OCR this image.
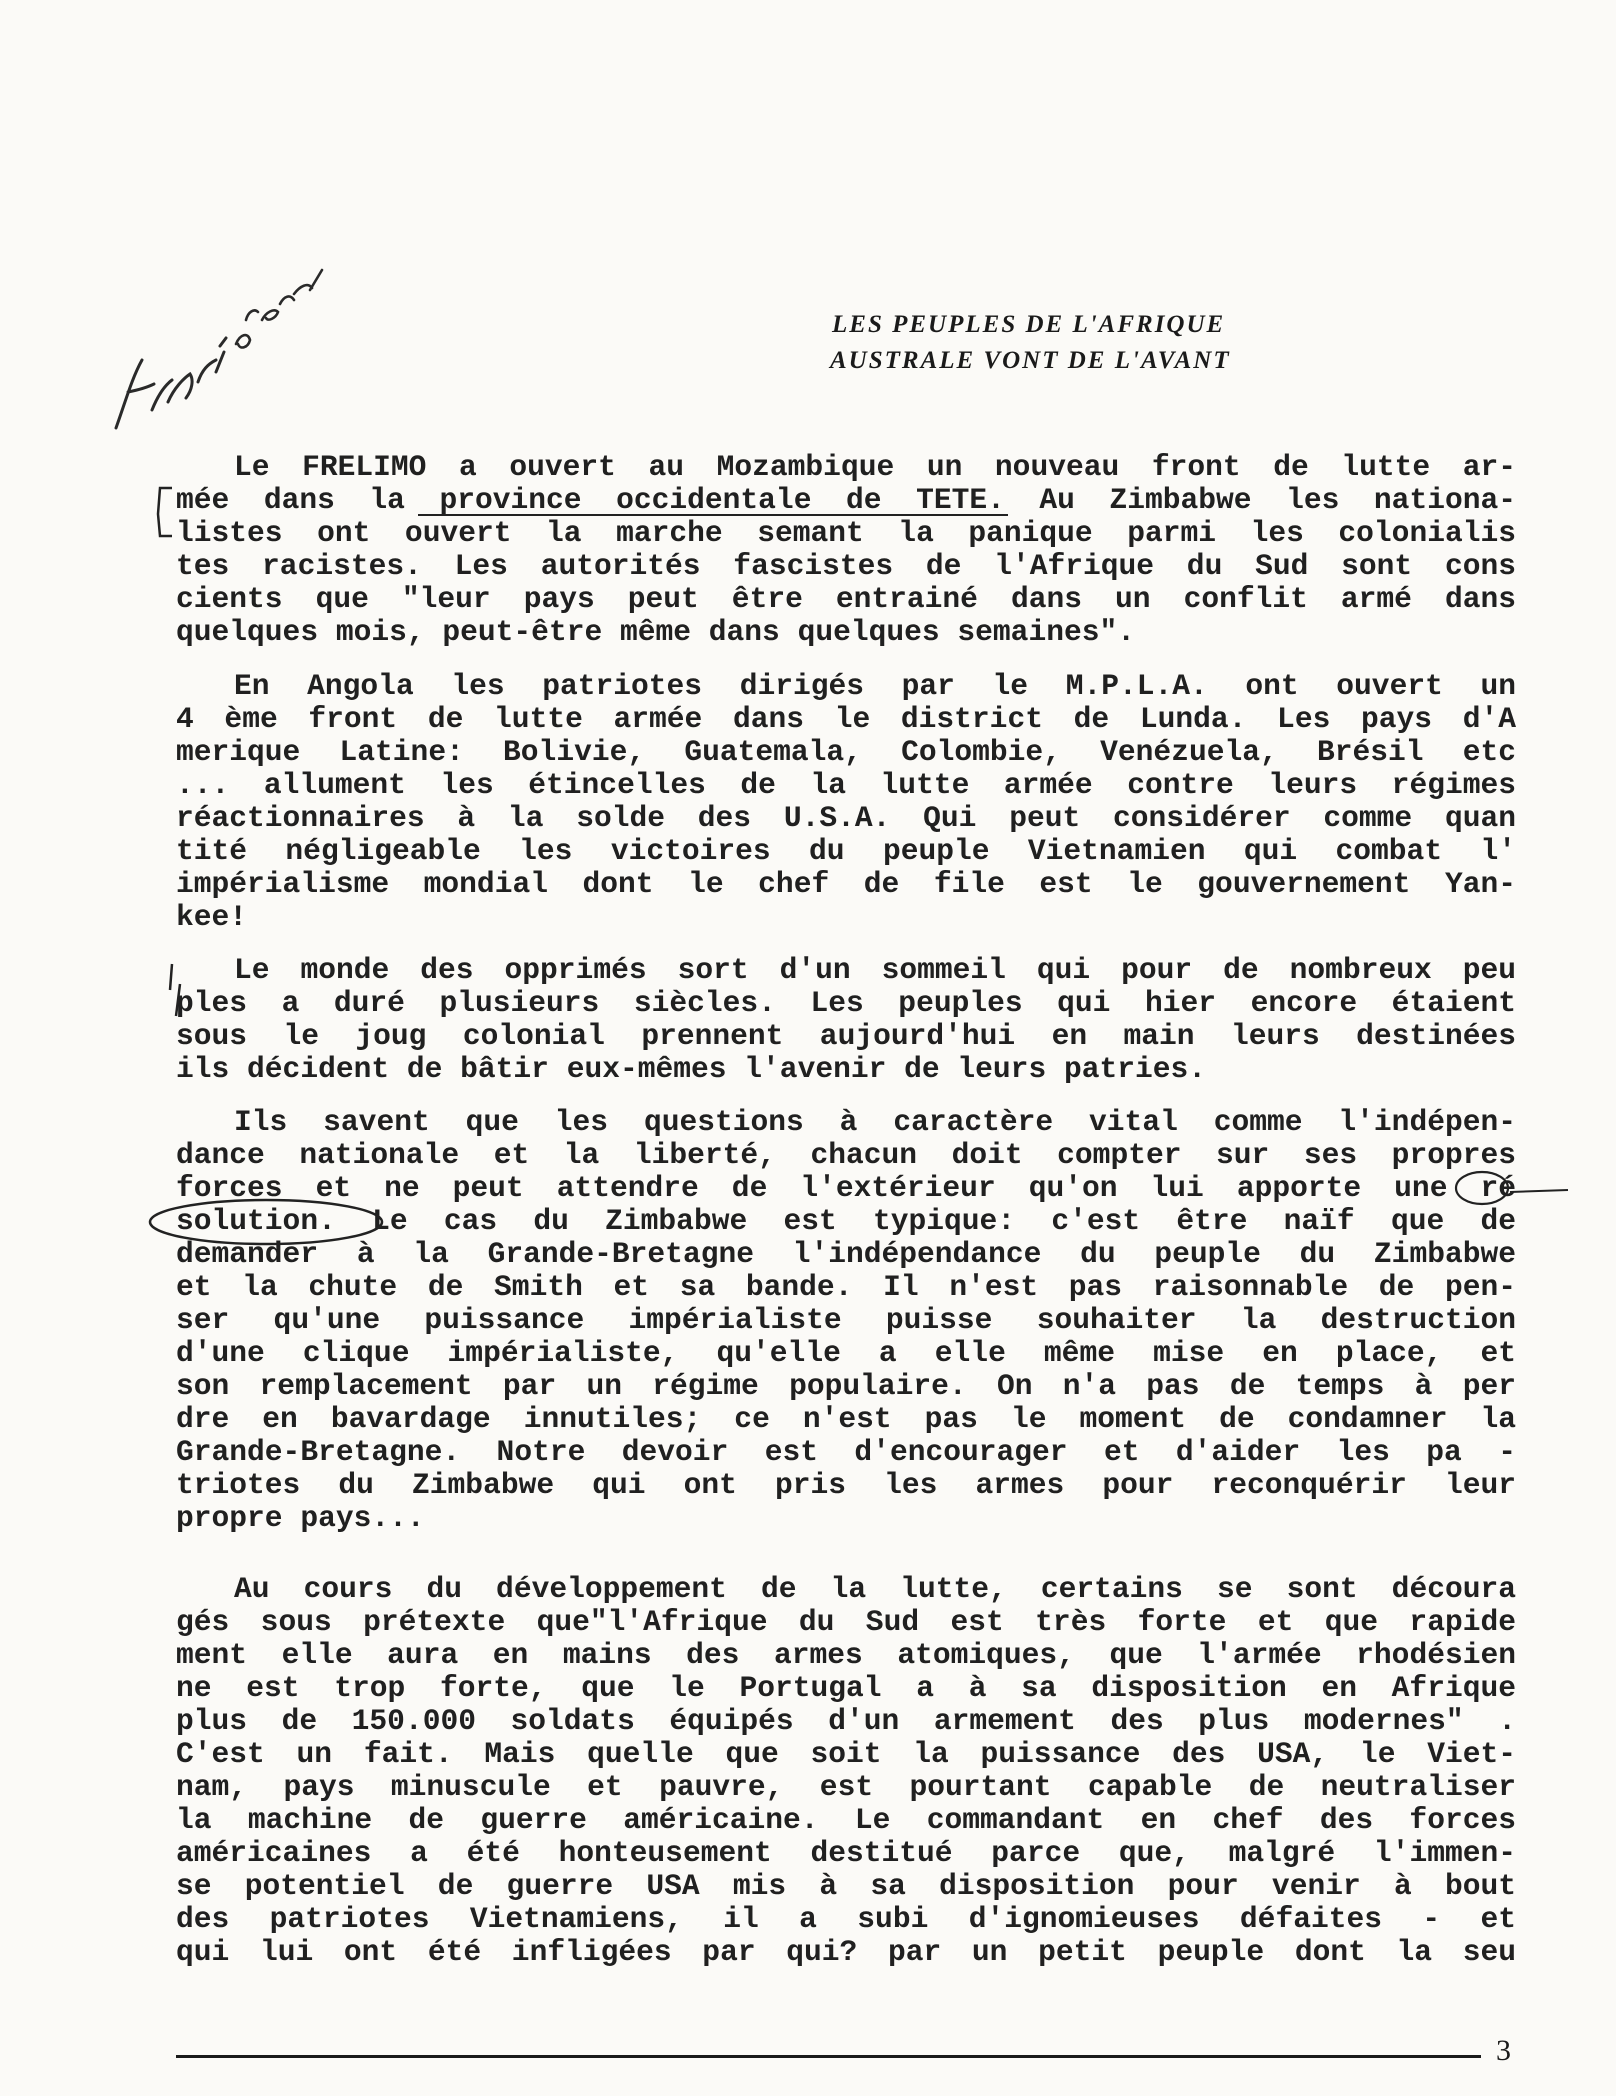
LES PEUPLES DE L'AFRIQUE
AUSTRALE VONT DE L'AVANT
Le FRELIMO a ouvert au Mozambique un nouveau front de lutte ar-
mée dans la province occidentale de TETE. Au Zimbabwe les nationa-
listes ont ouvert la marche semant la panique parmi les colonialis
tes racistes. Les autorités fascistes de l'Afrique du Sud sont cons
cients que "leur pays peut être entrainé dans un conflit armé dans
quelques mois, peut-être même dans quelques semaines".
En Angola les patriotes dirigés par le M.P.L.A. ont ouvert un
4 ème front de lutte armée dans le district de Lunda. Les pays d'A
merique Latine: Bolivie, Guatemala, Colombie, Venézuela, Brésil etc
... allument les étincelles de la lutte armée contre leurs régimes
réactionnaires à la solde des U.S.A. Qui peut considérer comme quan
tité négligeable les victoires du peuple Vietnamien qui combat l'
impérialisme mondial dont le chef de file est le gouvernement Yan-
kee!
Le monde des opprimés sort d'un sommeil qui pour de nombreux peu
ples a duré plusieurs siècles. Les peuples qui hier encore étaient
sous le joug colonial prennent aujourd'hui en main leurs destinées
ils décident de bâtir eux-mêmes l'avenir de leurs patries.
Ils savent que les questions à caractère vital comme l'indépen-
dance nationale et la liberté, chacun doit compter sur ses propres
forces et ne peut attendre de l'extérieur qu'on lui apporte une ré
solution. Le cas du Zimbabwe est typique: c'est être naïf que de
demander à la Grande-Bretagne l'indépendance du peuple du Zimbabwe
et la chute de Smith et sa bande. Il n'est pas raisonnable de pen-
ser qu'une puissance impérialiste puisse souhaiter la destruction
d'une clique impérialiste, qu'elle a elle même mise en place, et
son remplacement par un régime populaire. On n'a pas de temps à per
dre en bavardage innutiles; ce n'est pas le moment de condamner la
Grande-Bretagne. Notre devoir est d'encourager et d'aider les pa -
triotes du Zimbabwe qui ont pris les armes pour reconquérir leur
propre pays...
Au cours du développement de la lutte, certains se sont découra
gés sous prétexte que"l'Afrique du Sud est très forte et que rapide
ment elle aura en mains des armes atomiques, que l'armée rhodésien
ne est trop forte, que le Portugal a à sa disposition en Afrique
plus de 150.000 soldats équipés d'un armement des plus modernes" .
C'est un fait. Mais quelle que soit la puissance des USA, le Viet-
nam, pays minuscule et pauvre, est pourtant capable de neutraliser
la machine de guerre américaine. Le commandant en chef des forces
américaines a été honteusement destitué parce que, malgré l'immen-
se potentiel de guerre USA mis à sa disposition pour venir à bout
des patriotes Vietnamiens, il a subi d'ignomieuses défaites - et
qui lui ont été infligées par qui? par un petit peuple dont la seu
3
